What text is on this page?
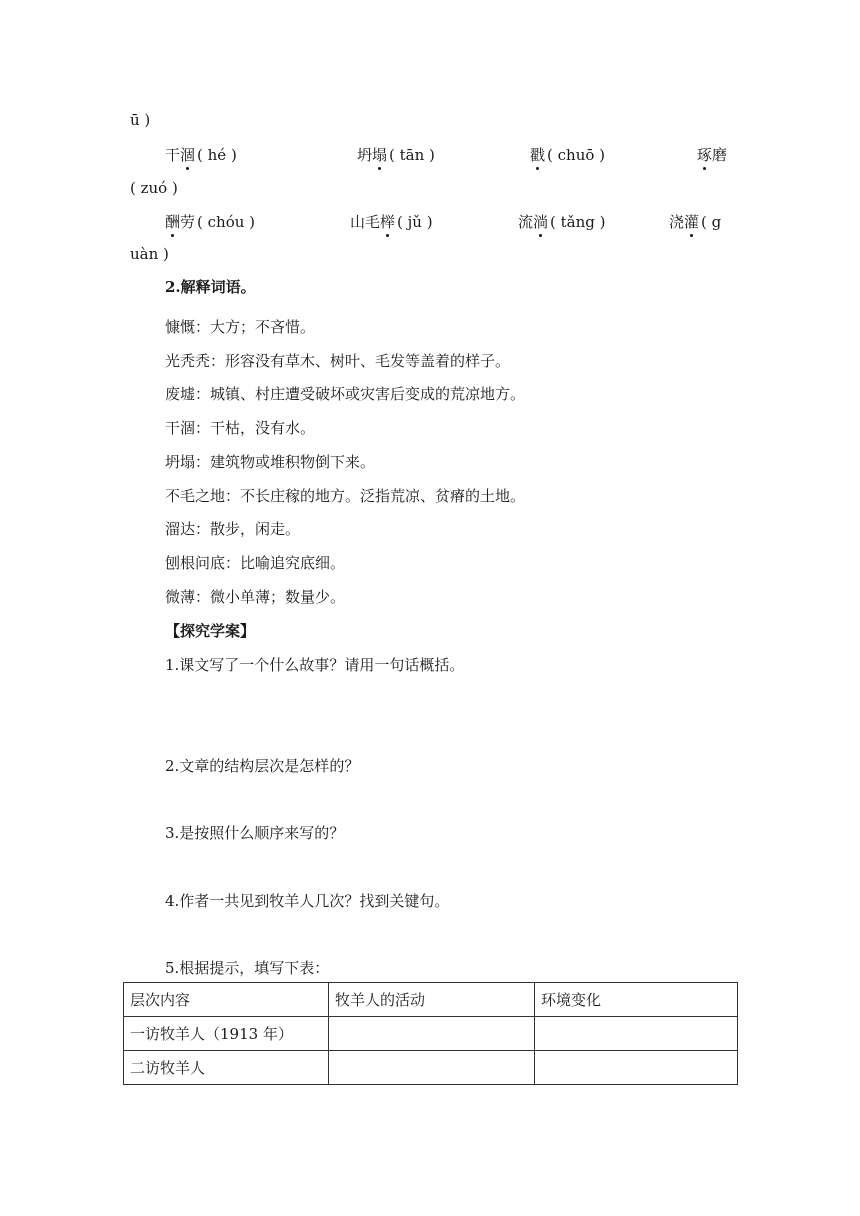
ū )
干涸 ( hé )	坍塌 ( tān )	戳 ( chuō )	琢磨
( zuó )
酬劳 ( chóu )	山毛榉 ( jǔ )	流淌 ( tǎng )	浇灌 ( g
uàn )
2.解释词语。
慷慨：大方；不吝惜。
光秃秃：形容没有草木、树叶、毛发等盖着的样子。
废墟：城镇、村庄遭受破坏或灾害后变成的荒凉地方。
干涸：干枯，没有水。
坍塌：建筑物或堆积物倒下来。
不毛之地：不长庄稼的地方。泛指荒凉、贫瘠的土地。
溜达：散步，闲走。
刨根问底：比喻追究底细。
微薄：微小单薄；数量少。
【探究学案】
1.课文写了一个什么故事？请用一句话概括。
2.文章的结构层次是怎样的？
3.是按照什么顺序来写的？
4.作者一共见到牧羊人几次？找到关键句。
5.根据提示，填写下表：
层次内容	牧羊人的活动	环境变化
一访牧羊人（1913 年）		
二访牧羊人		
